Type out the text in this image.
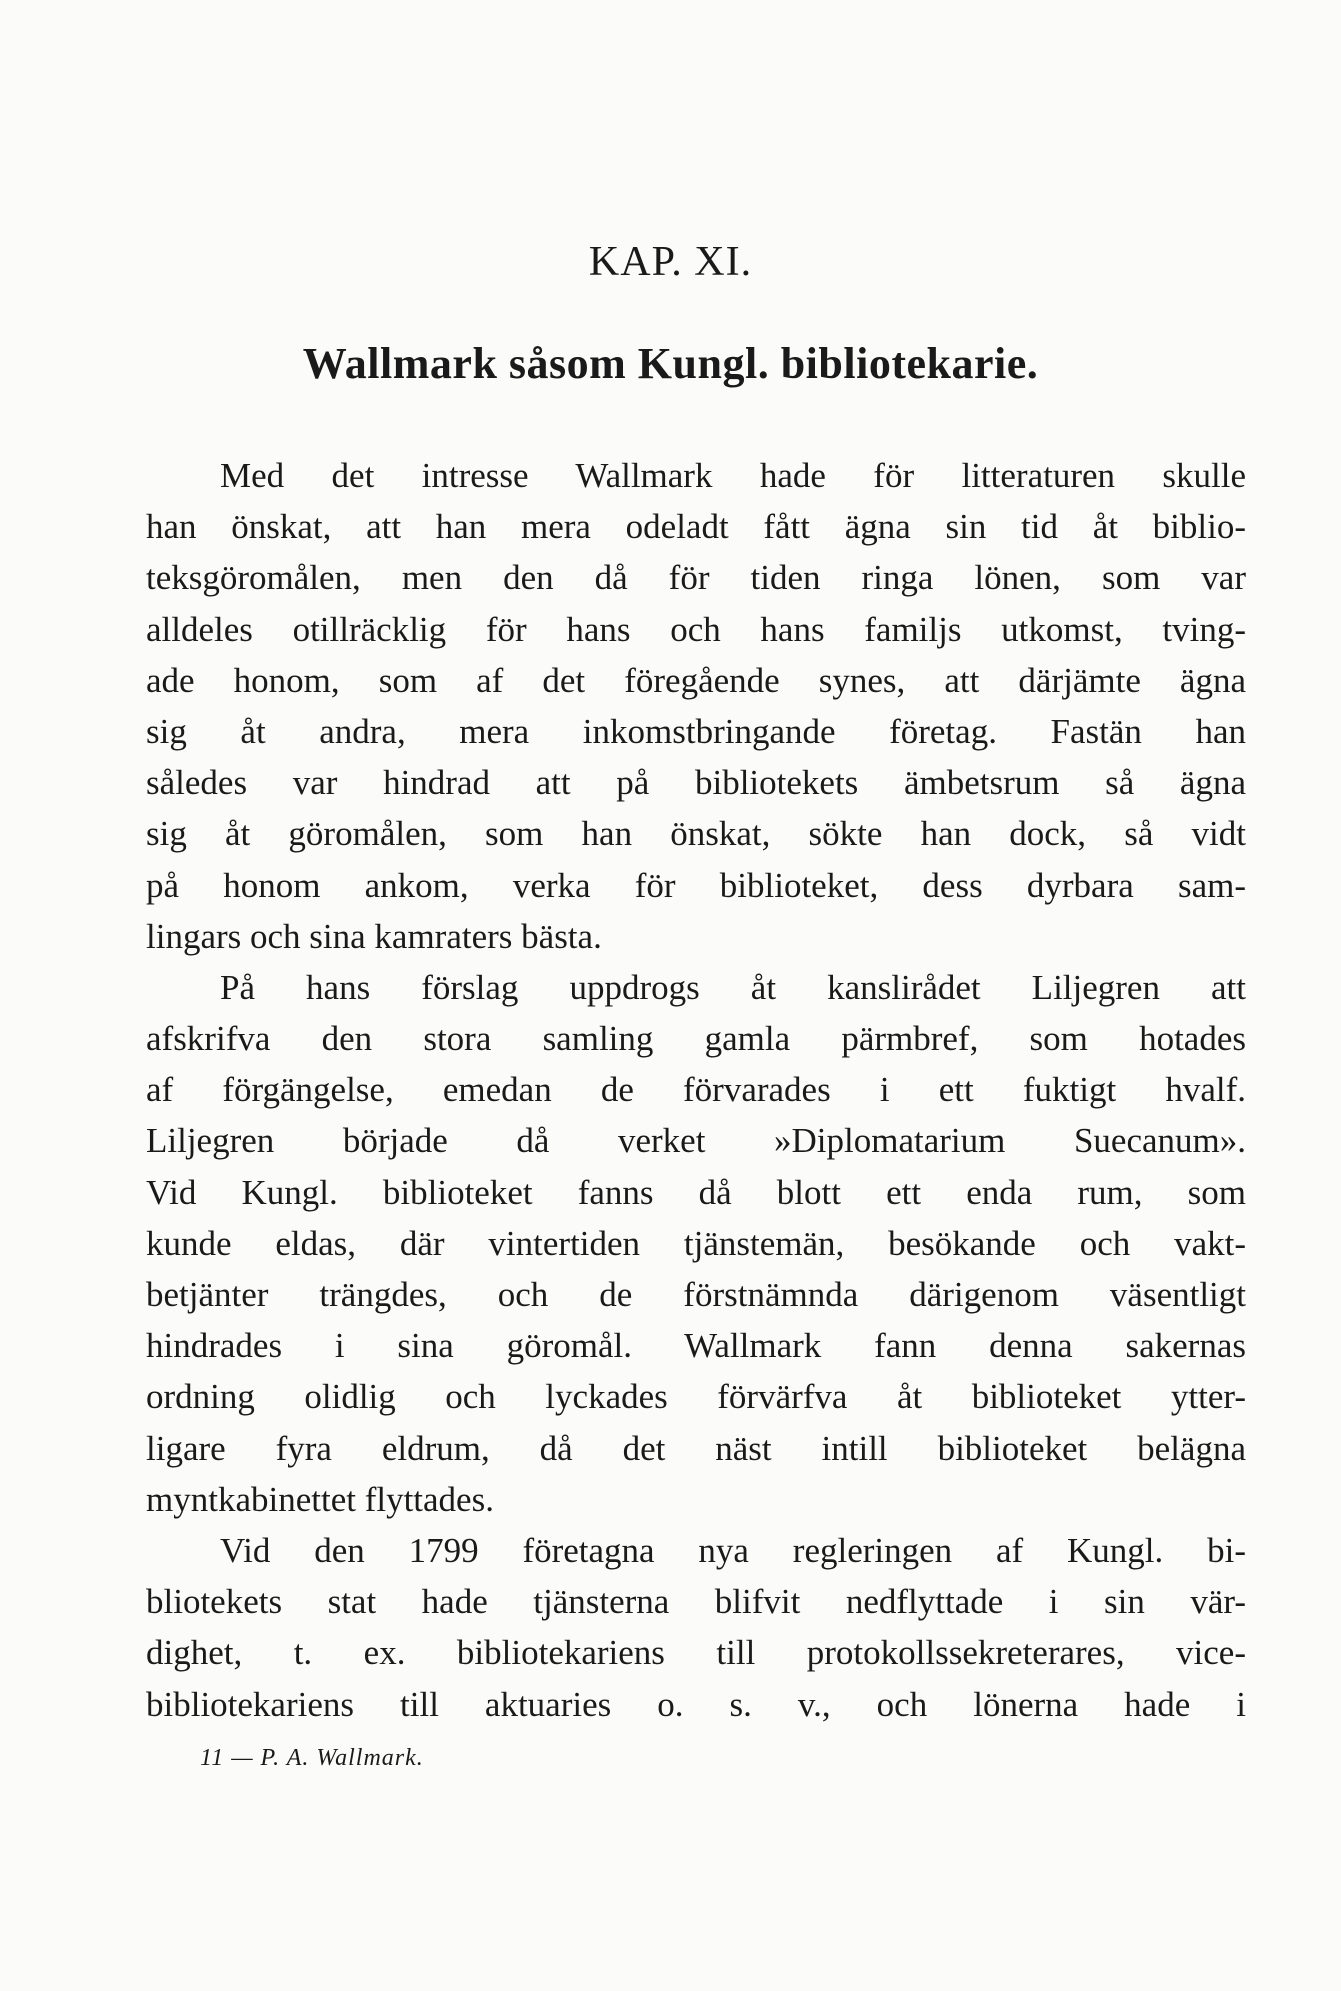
KAP. XI.
Wallmark såsom Kungl. bibliotekarie.
Med det intresse Wallmark hade för litteraturen skulle
han önskat, att han mera odeladt fått ägna sin tid åt biblio-
teksgöromålen, men den då för tiden ringa lönen, som var
alldeles otillräcklig för hans och hans familjs utkomst, tving-
ade honom, som af det föregående synes, att därjämte ägna
sig åt andra, mera inkomstbringande företag. Fastän han
således var hindrad att på bibliotekets ämbetsrum så ägna
sig åt göromålen, som han önskat, sökte han dock, så vidt
på honom ankom, verka för biblioteket, dess dyrbara sam-
lingars och sina kamraters bästa.
På hans förslag uppdrogs åt kanslirådet Liljegren att
afskrifva den stora samling gamla pärmbref, som hotades
af förgängelse, emedan de förvarades i ett fuktigt hvalf.
Liljegren började då verket »Diplomatarium Suecanum».
Vid Kungl. biblioteket fanns då blott ett enda rum, som
kunde eldas, där vintertiden tjänstemän, besökande och vakt-
betjänter trängdes, och de förstnämnda därigenom väsentligt
hindrades i sina göromål. Wallmark fann denna sakernas
ordning olidlig och lyckades förvärfva åt biblioteket ytter-
ligare fyra eldrum, då det näst intill biblioteket belägna
myntkabinettet flyttades.
Vid den 1799 företagna nya regleringen af Kungl. bi-
bliotekets stat hade tjänsterna blifvit nedflyttade i sin vär-
dighet, t. ex. bibliotekariens till protokollssekreterares, vice-
bibliotekariens till aktuaries o. s. v., och lönerna hade i
11 — P. A. Wallmark.
